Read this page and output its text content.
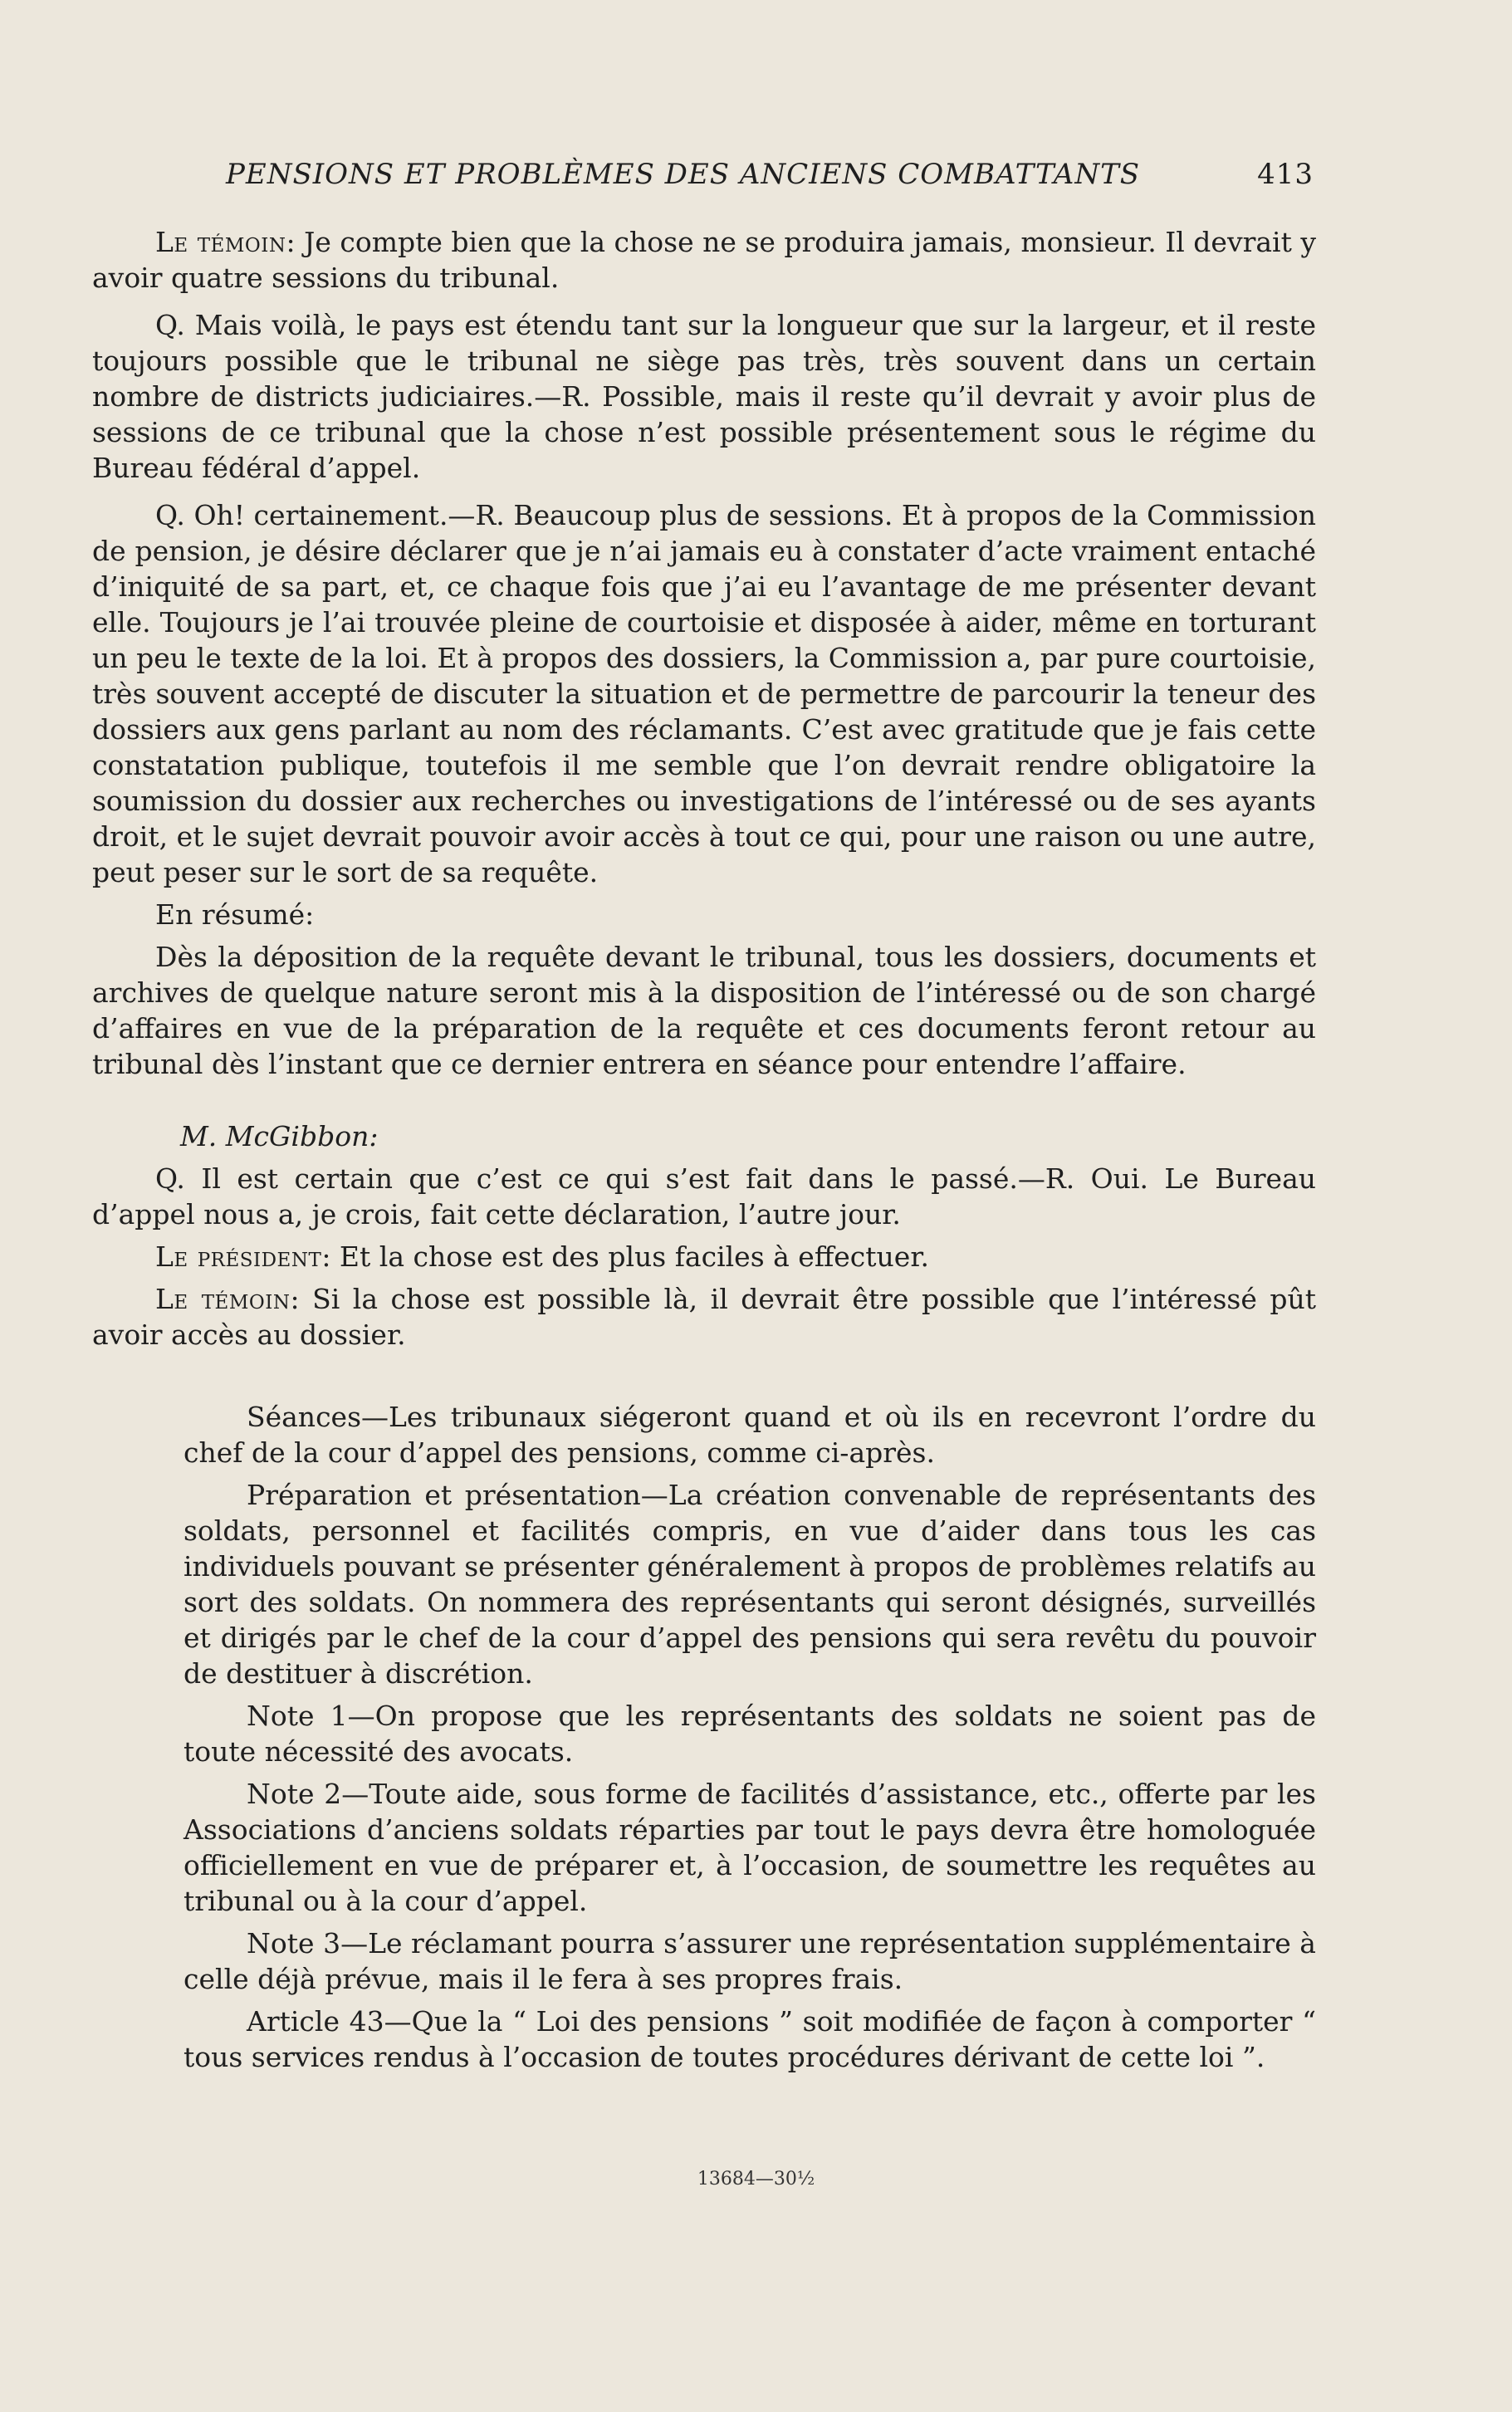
PENSIONS ET PROBLÈMES DES ANCIENS COMBATTANTS	413

Le témoin: Je compte bien que la chose ne se produira jamais, monsieur. Il devrait y avoir quatre sessions du tribunal.

Q. Mais voilà, le pays est étendu tant sur la longueur que sur la largeur, et il reste toujours possible que le tribunal ne siège pas très, très souvent dans un certain nombre de districts judiciaires.—R. Possible, mais il reste qu’il devrait y avoir plus de sessions de ce tribunal que la chose n’est possible présentement sous le régime du Bureau fédéral d’appel.

Q. Oh! certainement.—R. Beaucoup plus de sessions. Et à propos de la Commission de pension, je désire déclarer que je n’ai jamais eu à constater d’acte vraiment entaché d’iniquité de sa part, et, ce chaque fois que j’ai eu l’avantage de me présenter devant elle. Toujours je l’ai trouvée pleine de courtoisie et disposée à aider, même en torturant un peu le texte de la loi. Et à propos des dossiers, la Commission a, par pure courtoisie, très souvent accepté de discuter la situation et de permettre de parcourir la teneur des dossiers aux gens parlant au nom des réclamants. C’est avec gratitude que je fais cette constatation publique, toutefois il me semble que l’on devrait rendre obligatoire la soumission du dossier aux recherches ou investigations de l’intéressé ou de ses ayants droit, et le sujet devrait pouvoir avoir accès à tout ce qui, pour une raison ou une autre, peut peser sur le sort de sa requête.

En résumé:

Dès la déposition de la requête devant le tribunal, tous les dossiers, documents et archives de quelque nature seront mis à la disposition de l’intéressé ou de son chargé d’affaires en vue de la préparation de la requête et ces documents feront retour au tribunal dès l’instant que ce dernier entrera en séance pour entendre l’affaire.

M. McGibbon:

Q. Il est certain que c’est ce qui s’est fait dans le passé.—R. Oui. Le Bureau d’appel nous a, je crois, fait cette déclaration, l’autre jour.

Le président: Et la chose est des plus faciles à effectuer.

Le témoin: Si la chose est possible là, il devrait être possible que l’intéressé pût avoir accès au dossier.

Séances—Les tribunaux siégeront quand et où ils en recevront l’ordre du chef de la cour d’appel des pensions, comme ci-après.

Préparation et présentation—La création convenable de représentants des soldats, personnel et facilités compris, en vue d’aider dans tous les cas individuels pouvant se présenter généralement à propos de problèmes relatifs au sort des soldats. On nommera des représentants qui seront désignés, surveillés et dirigés par le chef de la cour d’appel des pensions qui sera revêtu du pouvoir de destituer à discrétion.

Note 1—On propose que les représentants des soldats ne soient pas de toute nécessité des avocats.

Note 2—Toute aide, sous forme de facilités d’assistance, etc., offerte par les Associations d’anciens soldats réparties par tout le pays devra être homologuée officiellement en vue de préparer et, à l’occasion, de soumettre les requêtes au tribunal ou à la cour d’appel.

Note 3—Le réclamant pourra s’assurer une représentation supplémentaire à celle déjà prévue, mais il le fera à ses propres frais.

Article 43—Que la “ Loi des pensions ” soit modifiée de façon à comporter “ tous services rendus à l’occasion de toutes procédures dérivant de cette loi ”.

13684—30½
